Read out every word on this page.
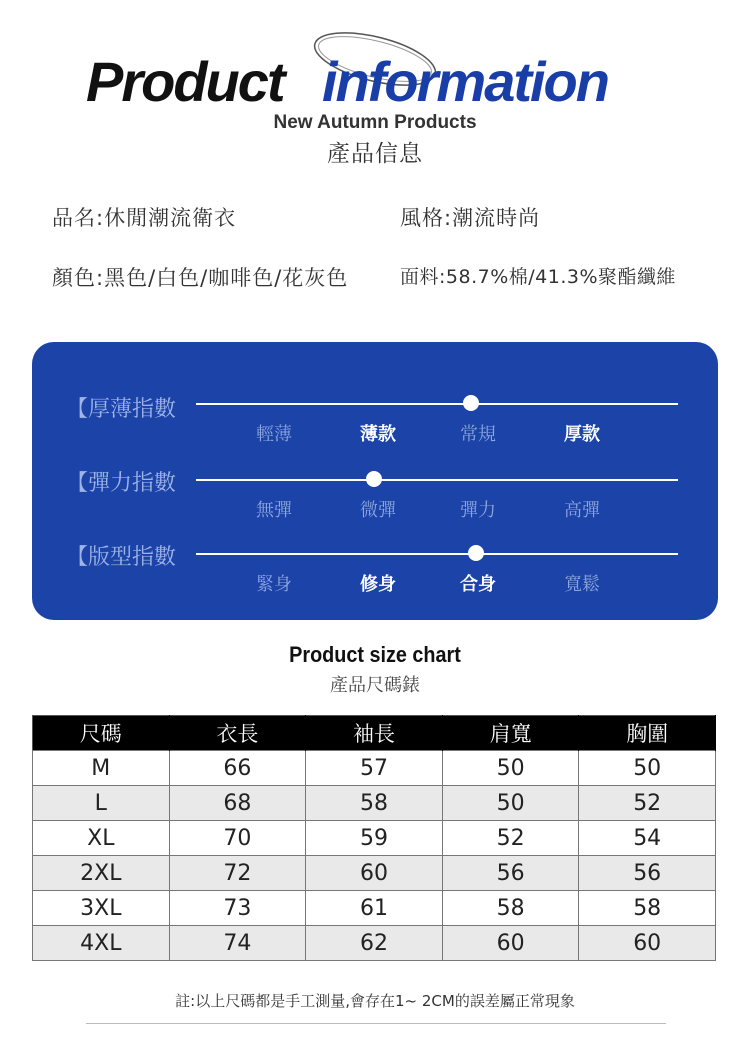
Product information
New Autumn Products
產品信息
品名:休閒潮流衛衣	風格:潮流時尚
顏色:黑色/白色/咖啡色/花灰色	面料:58.7%棉/41.3%聚酯纖維
【厚薄指數
輕薄	薄款	常規	厚款
【彈力指數
無彈	微彈	彈力	高彈
【版型指數
緊身	修身	合身	寬鬆
Product size chart
產品尺碼錶
尺碼	衣長	袖長	肩寬	胸圍
M	66	57	50	50
L	68	58	50	52
XL	70	59	52	54
2XL	72	60	56	56
3XL	73	61	58	58
4XL	74	62	60	60
註:以上尺碼都是手工測量,會存在1~ 2CM的誤差屬正常現象
